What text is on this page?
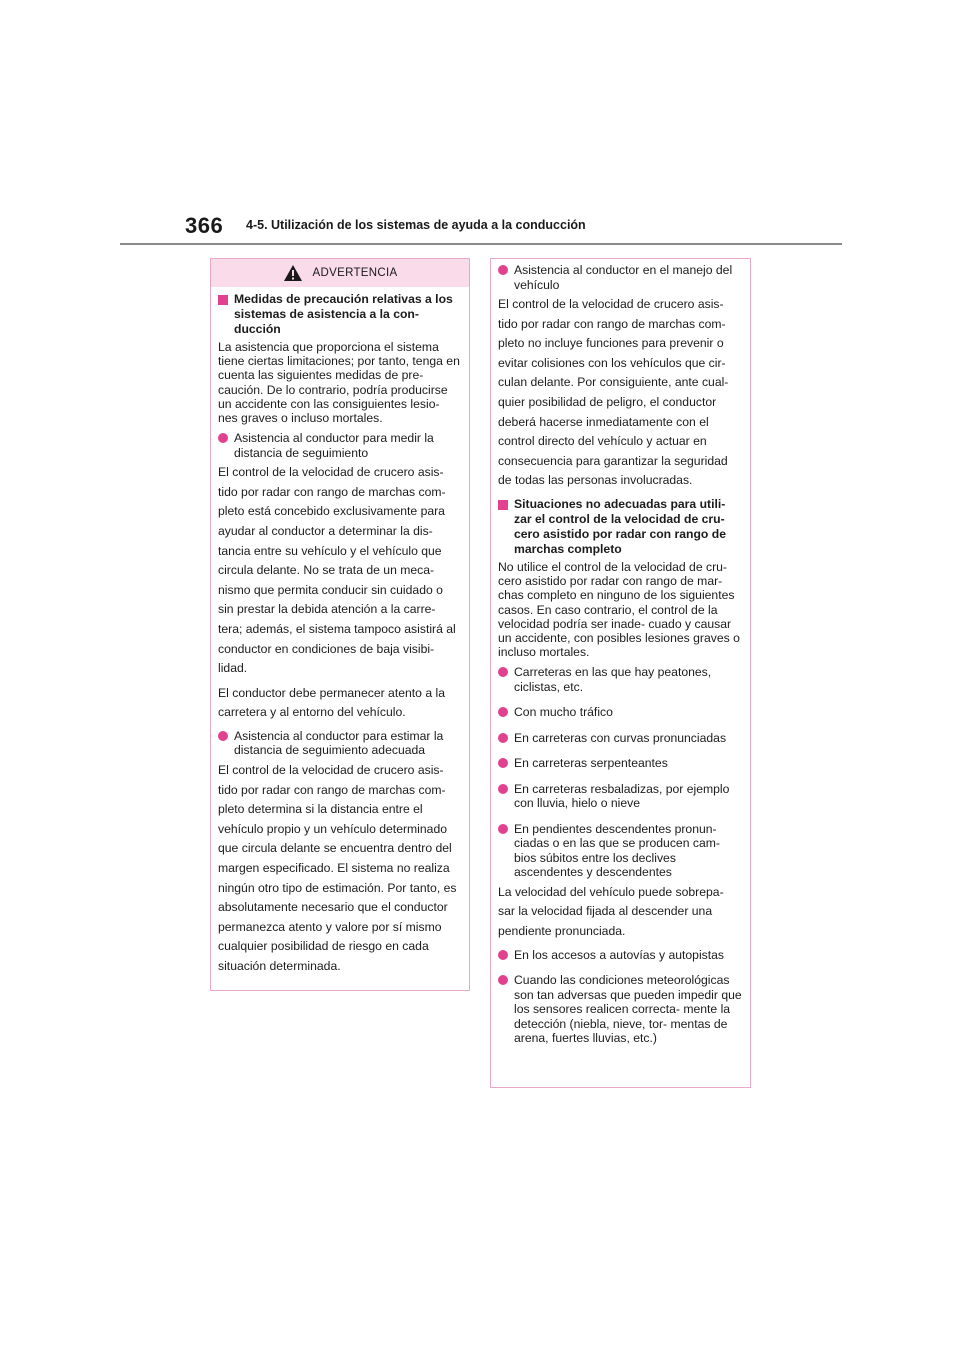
366 4-5. Utilización de los sistemas de ayuda a la conducción
ADVERTENCIA
Medidas de precaución relativas a los sistemas de asistencia a la con- ducción

La asistencia que proporciona el sistema tiene ciertas limitaciones; por tanto, tenga en cuenta las siguientes medidas de pre- caución. De lo contrario, podría producirse un accidente con las consiguientes lesio- nes graves o incluso mortales.

Asistencia al conductor para medir la distancia de seguimiento

El control de la velocidad de crucero asis- tido por radar con rango de marchas com- pleto está concebido exclusivamente para ayudar al conductor a determinar la dis- tancia entre su vehículo y el vehículo que circula delante. No se trata de un meca- nismo que permita conducir sin cuidado o sin prestar la debida atención a la carre- tera; además, el sistema tampoco asistirá al conductor en condiciones de baja visibi- lidad.

El conductor debe permanecer atento a la carretera y al entorno del vehículo.

Asistencia al conductor para estimar la distancia de seguimiento adecuada

El control de la velocidad de crucero asis- tido por radar con rango de marchas com- pleto determina si la distancia entre el vehículo propio y un vehículo determinado que circula delante se encuentra dentro del margen especificado. El sistema no realiza ningún otro tipo de estimación. Por tanto, es absolutamente necesario que el conductor permanezca atento y valore por sí mismo cualquier posibilidad de riesgo en cada situación determinada.

Asistencia al conductor en el manejo del vehículo

El control de la velocidad de crucero asis- tido por radar con rango de marchas com- pleto no incluye funciones para prevenir o evitar colisiones con los vehículos que cir- culan delante. Por consiguiente, ante cual- quier posibilidad de peligro, el conductor deberá hacerse inmediatamente con el control directo del vehículo y actuar en consecuencia para garantizar la seguridad de todas las personas involucradas.

Situaciones no adecuadas para utili- zar el control de la velocidad de cru- cero asistido por radar con rango de marchas completo

No utilice el control de la velocidad de cru- cero asistido por radar con rango de mar- chas completo en ninguno de los siguientes casos. En caso contrario, el control de la velocidad podría ser inade- cuado y causar un accidente, con posibles lesiones graves o incluso mortales.

Carreteras en las que hay peatones, ciclistas, etc.
Con mucho tráfico
En carreteras con curvas pronunciadas
En carreteras serpenteantes
En carreteras resbaladizas, por ejemplo con lluvia, hielo o nieve
En pendientes descendentes pronun- ciadas o en las que se producen cam- bios súbitos entre los declives ascendentes y descendentes

La velocidad del vehículo puede sobrepa- sar la velocidad fijada al descender una pendiente pronunciada.

En los accesos a autovías y autopistas
Cuando las condiciones meteorológicas son tan adversas que pueden impedir que los sensores realicen correcta- mente la detección (niebla, nieve, tor- mentas de arena, fuertes lluvias, etc.)
